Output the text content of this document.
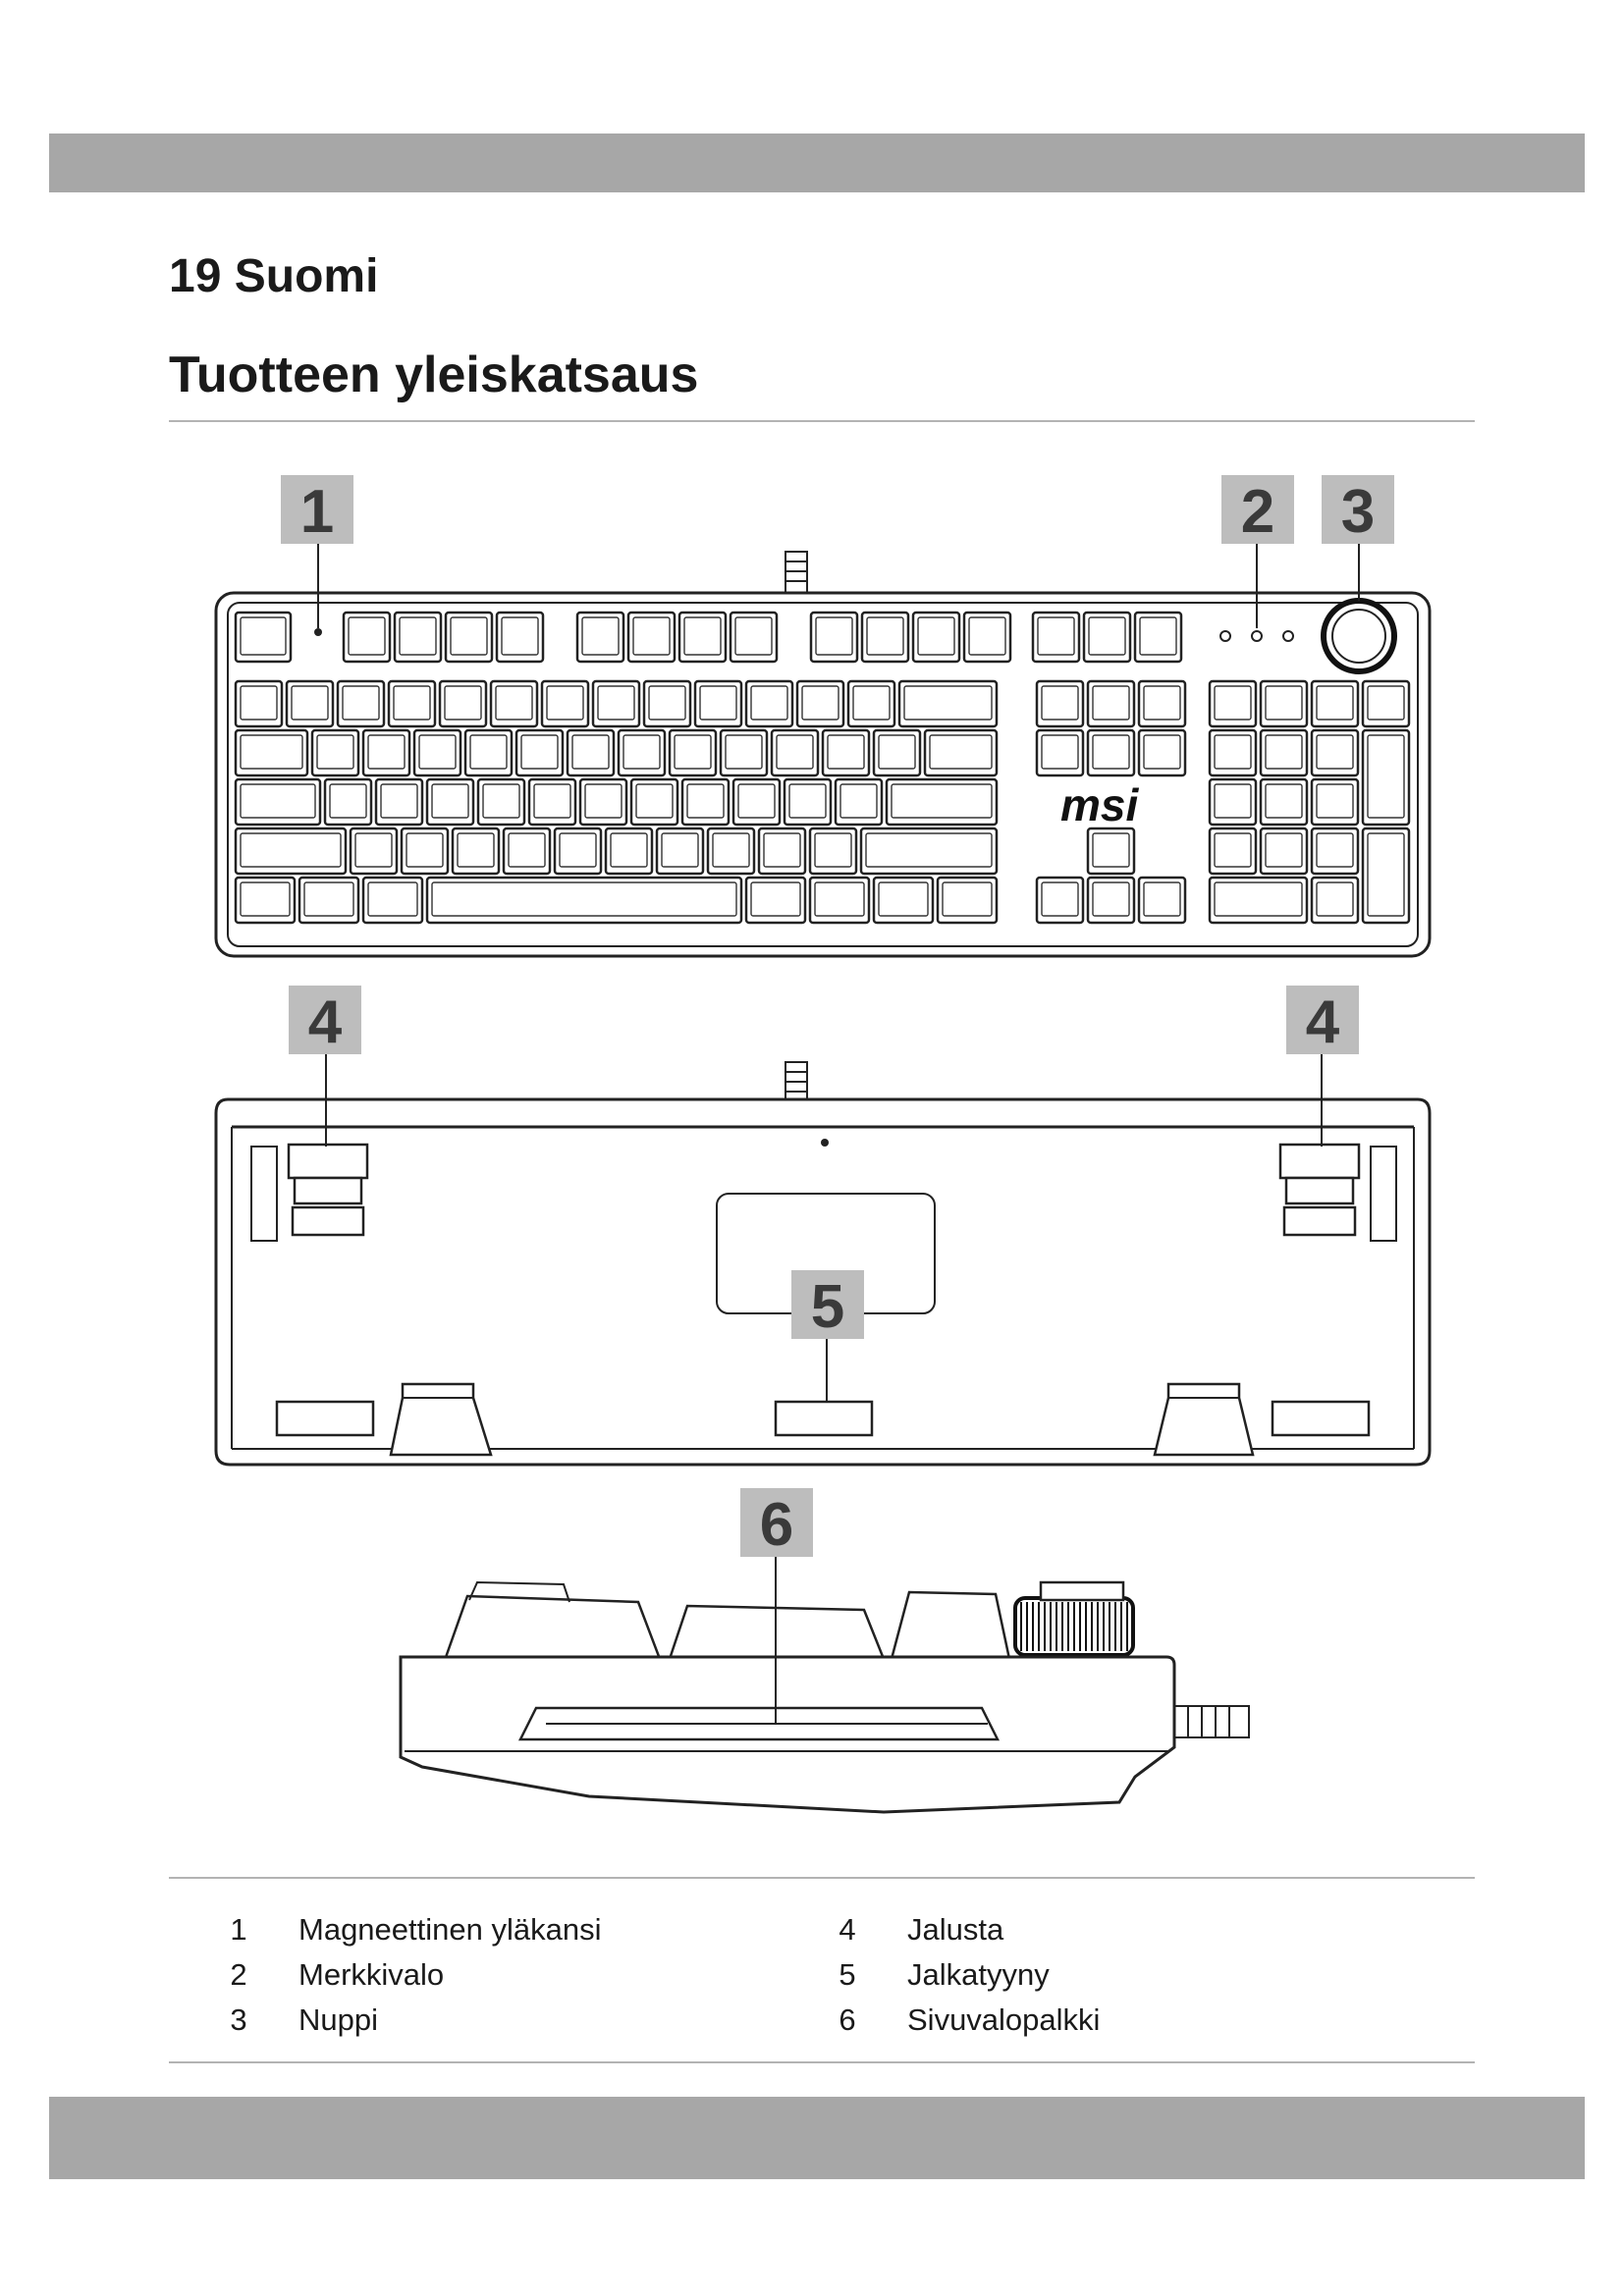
19 Suomi
Tuotteen yleiskatsaus
msi
1	2 3
4	4
5
6
1	Magneettinen yläkansi
2	Merkkivalo
3	Nuppi
4	Jalusta
5	Jalkatyyny
6	Sivuvalopalkki
